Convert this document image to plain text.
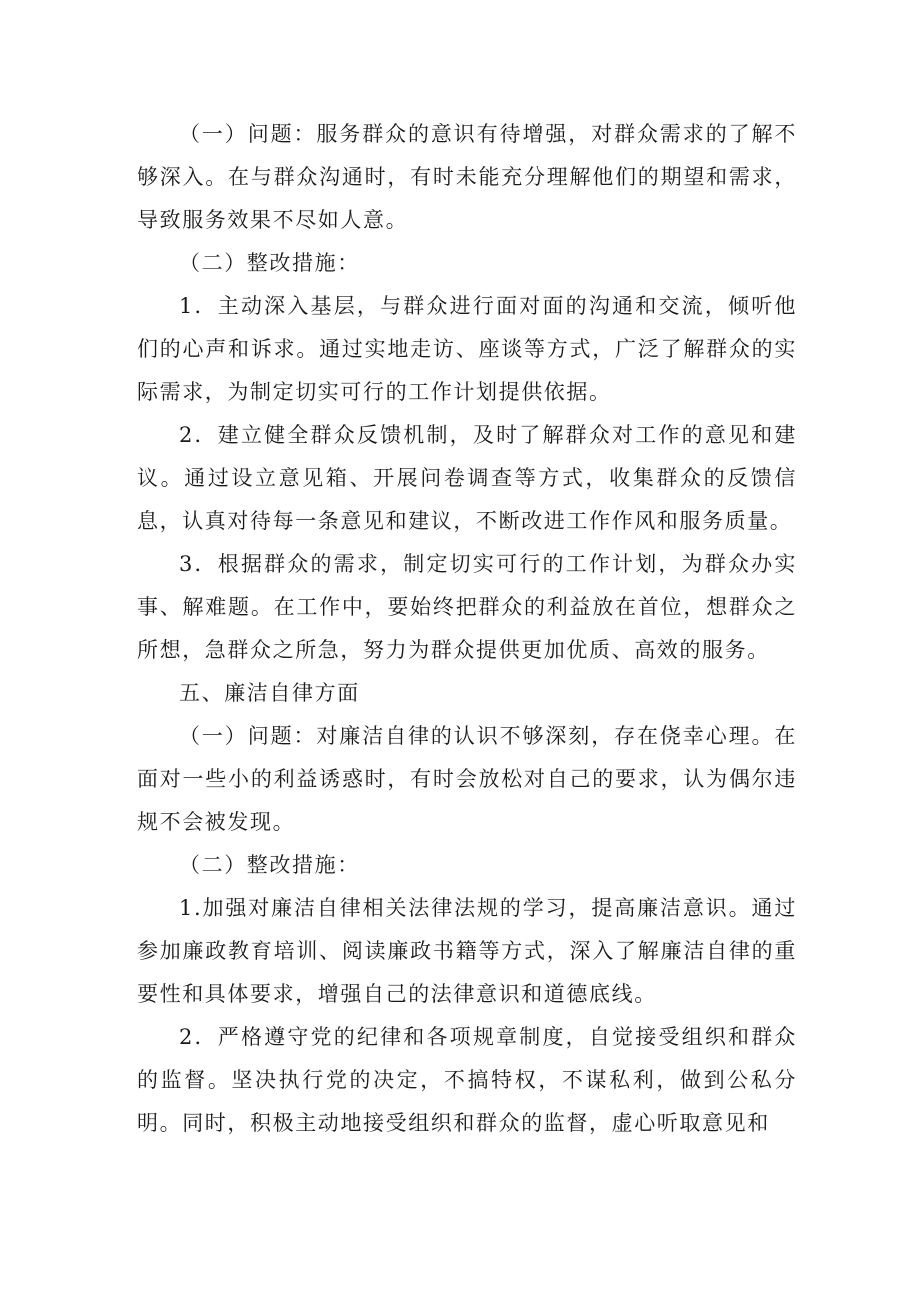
（一）问题：服务群众的意识有待增强，对群众需求的了解不够深入。在与群众沟通时，有时未能充分理解他们的期望和需求，导致服务效果不尽如人意。

（二）整改措施：

1．主动深入基层，与群众进行面对面的沟通和交流，倾听他们的心声和诉求。通过实地走访、座谈等方式，广泛了解群众的实际需求，为制定切实可行的工作计划提供依据。

2．建立健全群众反馈机制，及时了解群众对工作的意见和建议。通过设立意见箱、开展问卷调查等方式，收集群众的反馈信息，认真对待每一条意见和建议，不断改进工作作风和服务质量。

3．根据群众的需求，制定切实可行的工作计划，为群众办实事、解难题。在工作中，要始终把群众的利益放在首位，想群众之所想，急群众之所急，努力为群众提供更加优质、高效的服务。

五、廉洁自律方面

（一）问题：对廉洁自律的认识不够深刻，存在侥幸心理。在面对一些小的利益诱惑时，有时会放松对自己的要求，认为偶尔违规不会被发现。

（二）整改措施：

1.加强对廉洁自律相关法律法规的学习，提高廉洁意识。通过参加廉政教育培训、阅读廉政书籍等方式，深入了解廉洁自律的重要性和具体要求，增强自己的法律意识和道德底线。

2．严格遵守党的纪律和各项规章制度，自觉接受组织和群众的监督。坚决执行党的决定，不搞特权，不谋私利，做到公私分明。同时，积极主动地接受组织和群众的监督，虚心听取意见和
